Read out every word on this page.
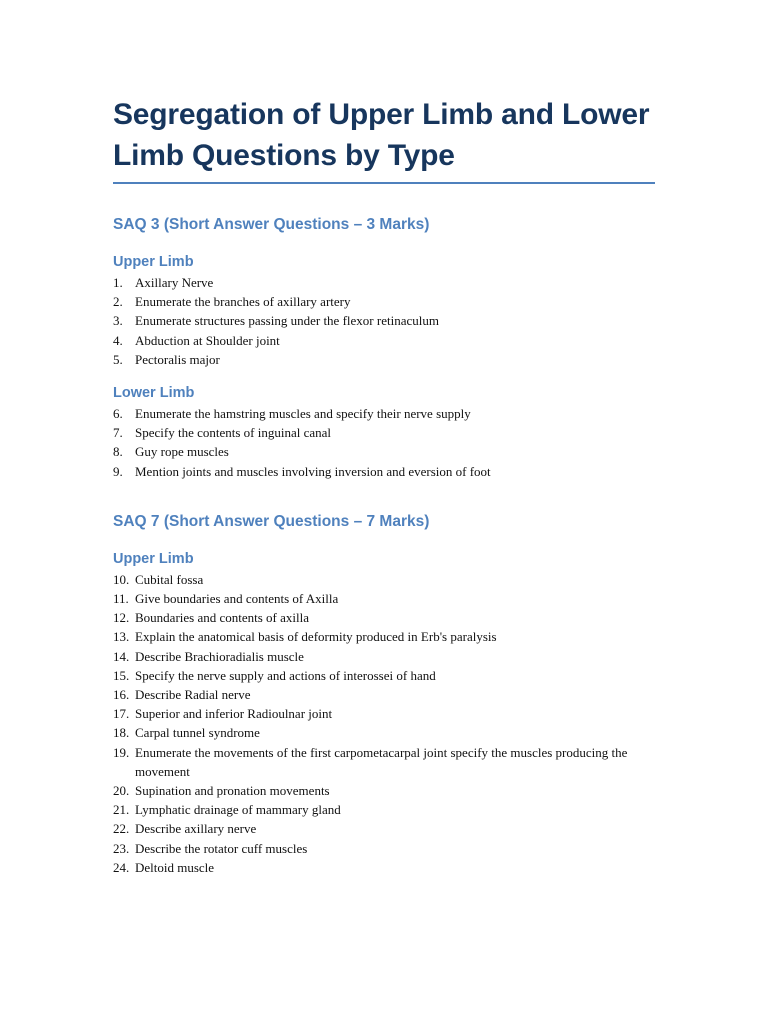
Segregation of Upper Limb and Lower Limb Questions by Type
SAQ 3 (Short Answer Questions – 3 Marks)
Upper Limb
1. Axillary Nerve
2. Enumerate the branches of axillary artery
3. Enumerate structures passing under the flexor retinaculum
4. Abduction at Shoulder joint
5. Pectoralis major
Lower Limb
6. Enumerate the hamstring muscles and specify their nerve supply
7. Specify the contents of inguinal canal
8. Guy rope muscles
9. Mention joints and muscles involving inversion and eversion of foot
SAQ 7 (Short Answer Questions – 7 Marks)
Upper Limb
10. Cubital fossa
11. Give boundaries and contents of Axilla
12. Boundaries and contents of axilla
13. Explain the anatomical basis of deformity produced in Erb's paralysis
14. Describe Brachioradialis muscle
15. Specify the nerve supply and actions of interossei of hand
16. Describe Radial nerve
17. Superior and inferior Radioulnar joint
18. Carpal tunnel syndrome
19. Enumerate the movements of the first carpometacarpal joint specify the muscles producing the movement
20. Supination and pronation movements
21. Lymphatic drainage of mammary gland
22. Describe axillary nerve
23. Describe the rotator cuff muscles
24. Deltoid muscle
